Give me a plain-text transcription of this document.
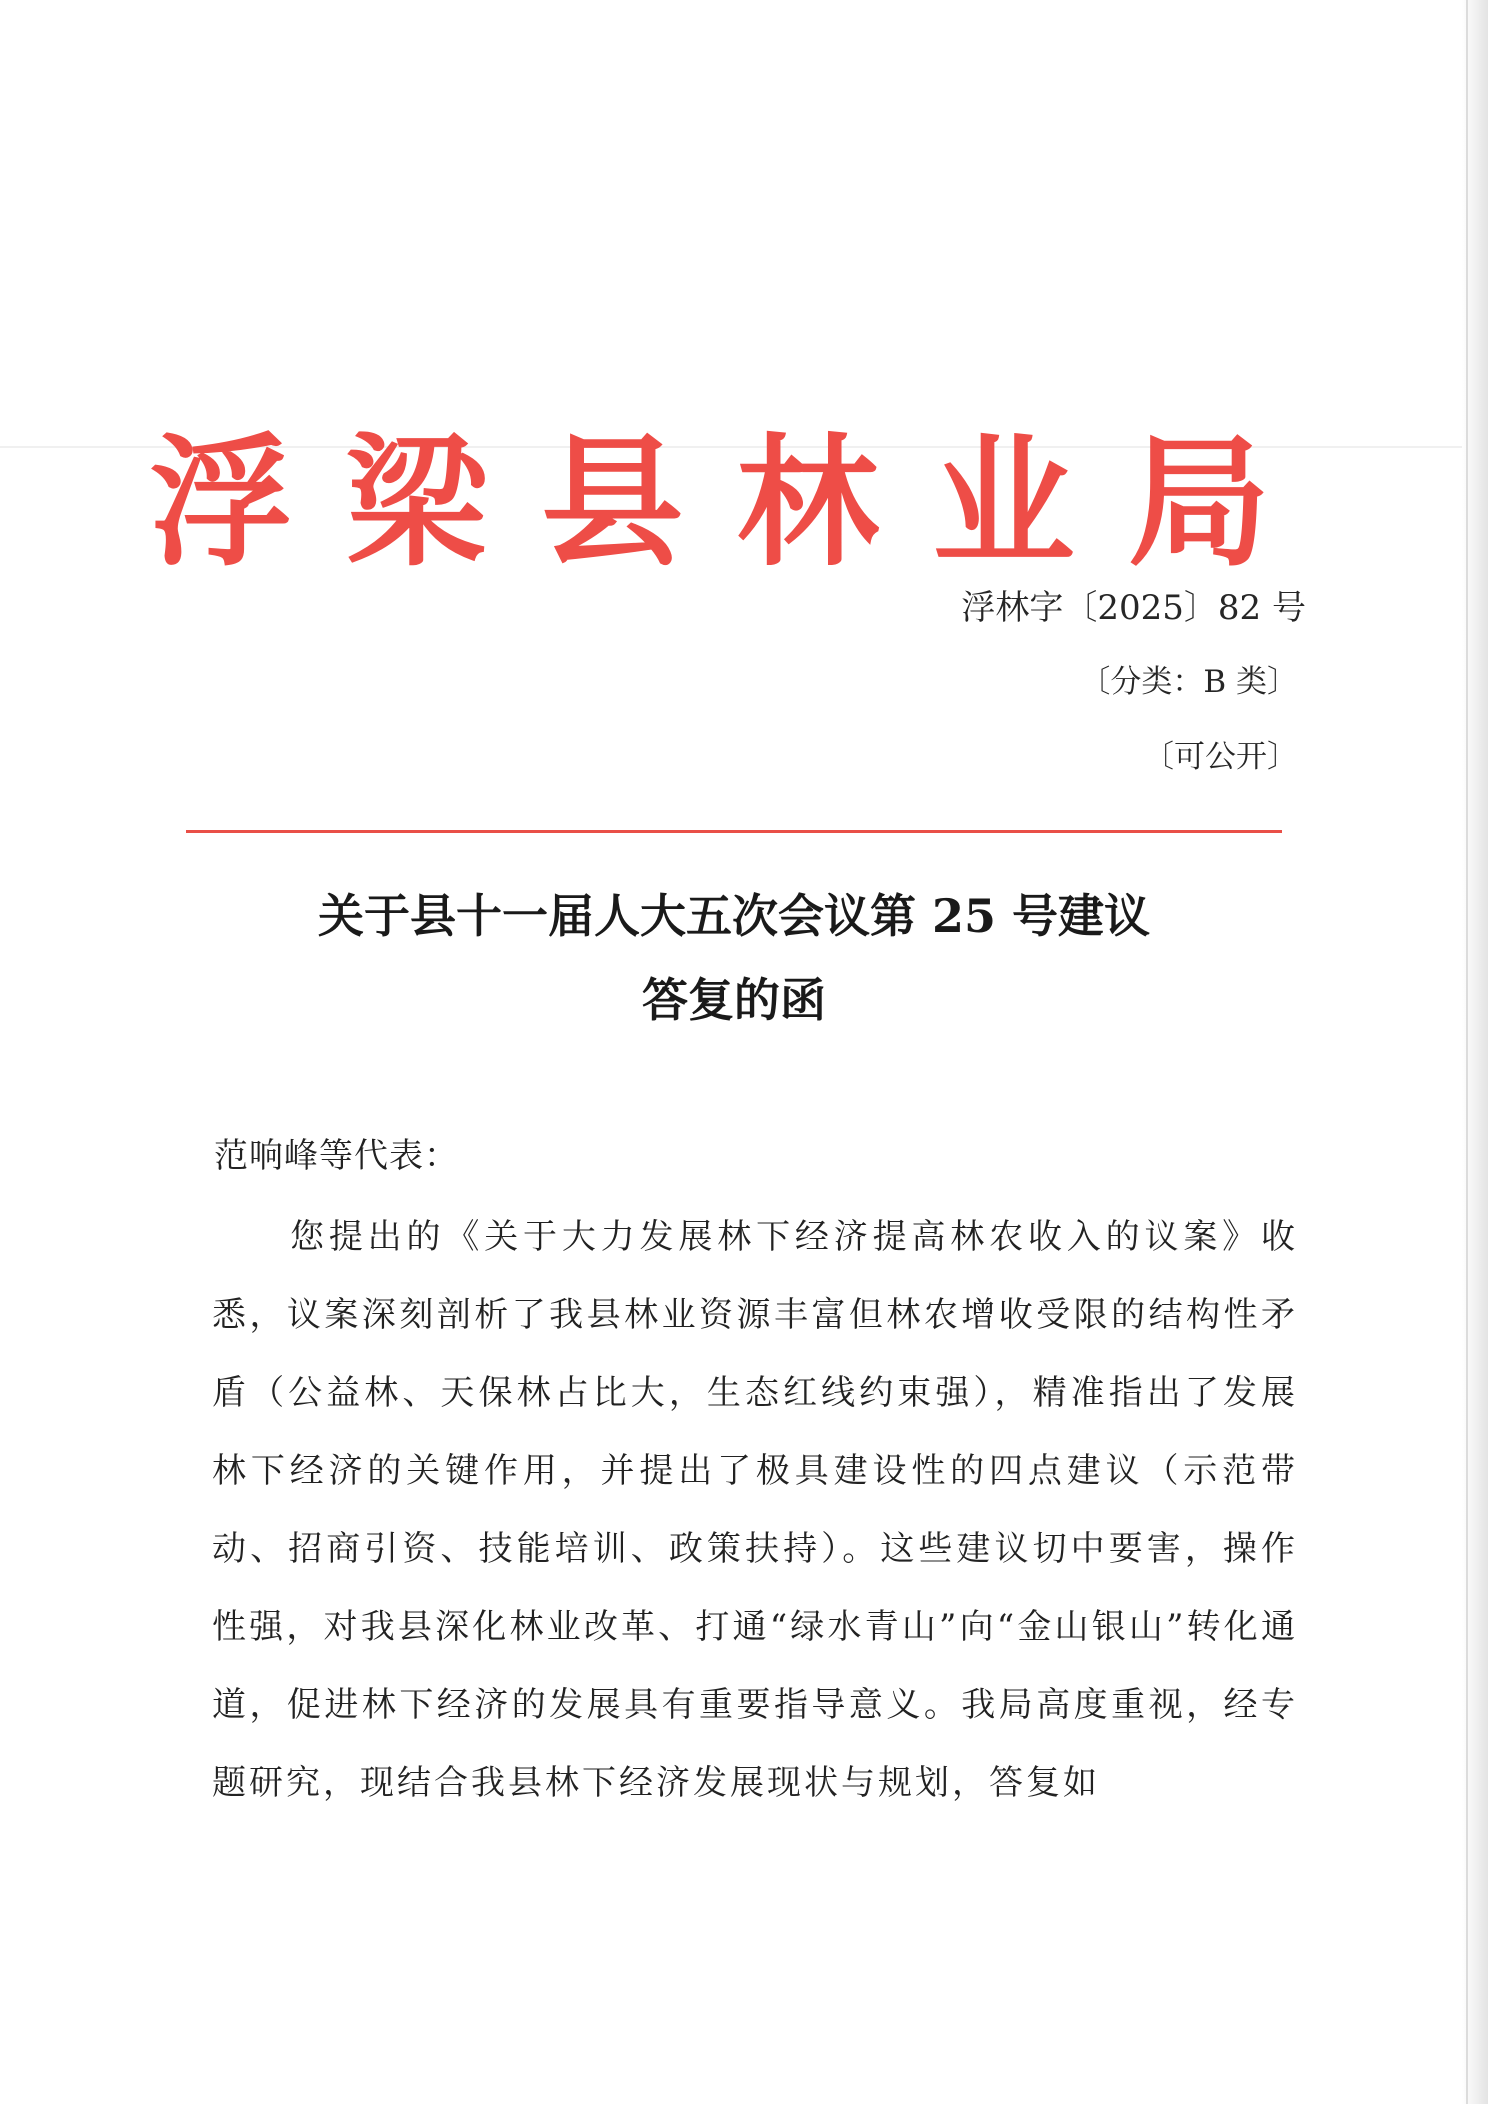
浮 梁 县 林 业 局
浮林字〔2025〕82 号
〔分类：B 类〕
〔可公开〕
关于县十一届人大五次会议第 25 号建议
答复的函
范响峰等代表：

您提出的《关于大力发展林下经济提高林农收入的议案》收悉，议案深刻剖析了我县林业资源丰富但林农增收受限的结构性矛盾（公益林、天保林占比大，生态红线约束强），精准指出了发展林下经济的关键作用，并提出了极具建设性的四点建议（示范带动、招商引资、技能培训、政策扶持）。这些建议切中要害，操作性强，对我县深化林业改革、打通“绿水青山”向“金山银山”转化通道，促进林下经济的发展具有重要指导意义。我局高度重视，经专题研究，现结合我县林下经济发展现状与规划，答复如
